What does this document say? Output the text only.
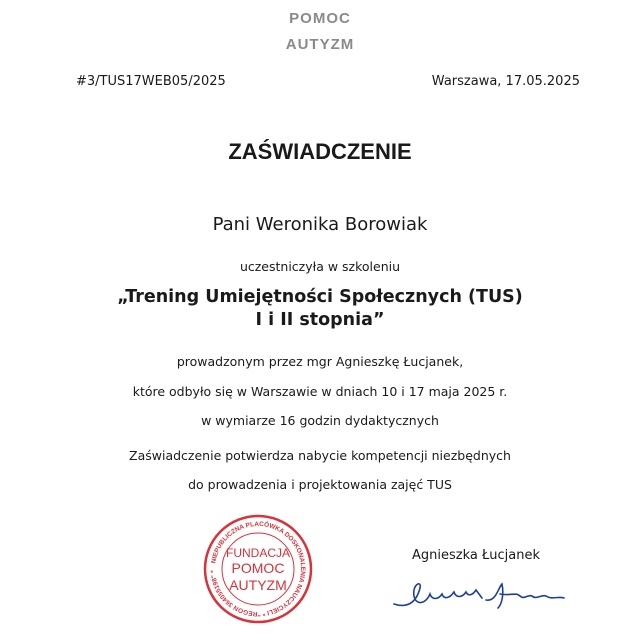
POMOC
AUTYZM
#3/TUS17WEB05/2025	Warszawa, 17.05.2025
ZAŚWIADCZENIE
Pani Weronika Borowiak
uczestniczyła w szkoleniu
„Trening Umiejętności Społecznych (TUS)
I i II stopnia”
prowadzonym przez mgr Agnieszkę Łucjanek,
które odbyło się w Warszawie w dniach 10 i 17 maja 2025 r.
w wymiarze 16 godzin dydaktycznych
Zaświadczenie potwierdza nabycie kompetencji niezbędnych
do prowadzenia i projektowania zajęć TUS
NIEPUBLICZNA PLACÓWKA DOSKONALENIA NAUCZYCIELI * "REGON 364055198" *
FUNDACJA
POMOC
AUTYZM
Agnieszka Łucjanek
